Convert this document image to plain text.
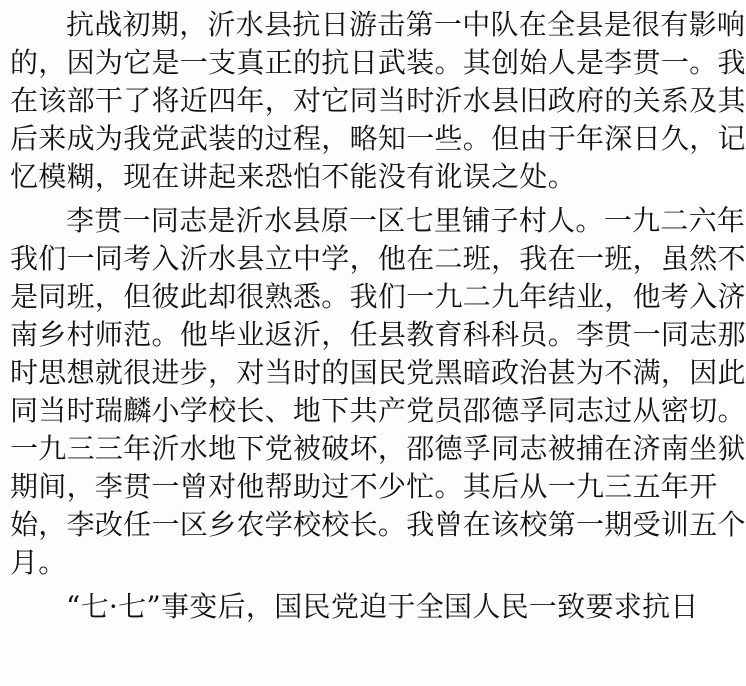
抗战初期，沂水县抗日游击第一中队在全县是很有影响
的，因为它是一支真正的抗日武装。其创始人是李贯一。我
在该部干了将近四年，对它同当时沂水县旧政府的关系及其
后来成为我党武装的过程，略知一些。但由于年深日久，记
忆模糊，现在讲起来恐怕不能没有讹误之处。
李贯一同志是沂水县原一区七里铺子村人。一九二六年
我们一同考入沂水县立中学，他在二班，我在一班，虽然不
是同班，但彼此却很熟悉。我们一九二九年结业，他考入济
南乡村师范。他毕业返沂，任县教育科科员。李贯一同志那
时思想就很进步，对当时的国民党黑暗政治甚为不满，因此
同当时瑞麟小学校长、地下共产党员邵德孚同志过从密切。
一九三三年沂水地下党被破坏，邵德孚同志被捕在济南坐狱
期间，李贯一曾对他帮助过不少忙。其后从一九三五年开
始，李改任一区乡农学校校长。我曾在该校第一期受训五个
月。
“七·七”事变后，国民党迫于全国人民一致要求抗日
